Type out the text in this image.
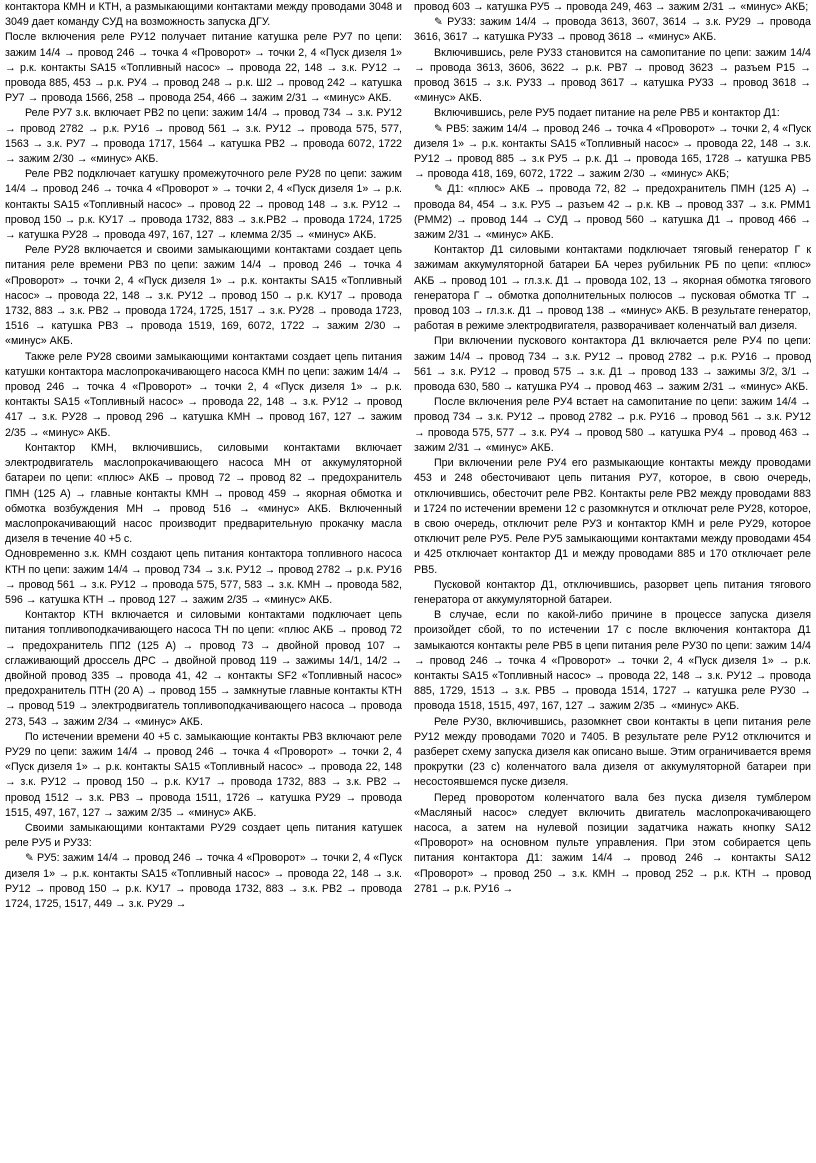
контактора КМН и КТН, а размыкающими контактами между проводами 3048 и 3049 дает команду СУД на возможность запуска ДГУ.

После включения реле РУ12 получает питание катушка реле РУ7 по цепи: зажим 14/4 → провод 246 → точка 4 «Проворот» → точки 2, 4 «Пуск дизеля 1» → р.к. контакты SA15 «Топливный насос» → провода 22, 148 → з.к. РУ12 → провода 885, 453 → р.к. РУ4 → провод 248 → р.к. Ш2 → провод 242 → катушка РУ7 → провода 1566, 258 → провода 254, 466 → зажим 2/31 → «минус» АКБ.

Реле РУ7 з.к. включает РВ2 по цепи: зажим 14/4 → провод 734 → з.к. РУ12 → провод 2782 → р.к. РУ16 → провод 561 → з.к. РУ12 → провода 575, 577, 1563 → з.к. РУ7 → провода 1717, 1564 → катушка РВ2 → провода 6072, 1722 → зажим 2/30 → «минус» АКБ.

Реле РВ2 подключает катушку промежуточного реле РУ28 по цепи: зажим 14/4 → провод 246 → точка 4 «Проворот » → точки 2, 4 «Пуск дизеля 1» → р.к. контакты SA15 «Топливный насос» → провод 22 → провод 148 → з.к. РУ12 → провод 150 → р.к. КУ17 → провода 1732, 883 → з.к.РВ2 → провода 1724, 1725 → катушка РУ28 → провода 497, 167, 127 → клемма 2/35 → «минус» АКБ.

Реле РУ28 включается и своими замыкающими контактами создает цепь питания реле времени РВ3 по цепи: зажим 14/4 → провод 246 → точка 4 «Проворот» → точки 2, 4 «Пуск дизеля 1» → р.к. контакты SA15 «Топливный насос» → провода 22, 148 → з.к. РУ12 → провод 150 → р.к. КУ17 → провода 1732, 883 → з.к. РВ2 → провода 1724, 1725, 1517 → з.к. РУ28 → провода 1723, 1516 → катушка РВ3 → провода 1519, 169, 6072, 1722 → зажим 2/30 → «минус» АКБ.

Также реле РУ28 своими замыкающими контактами создает цепь питания катушки контактора маслопрокачивающего насоса КМН по цепи: зажим 14/4 → провод 246 → точка 4 «Проворот» → точки 2, 4 «Пуск дизеля 1» → р.к. контакты SA15 «Топливный насос» → провода 22, 148 → з.к. РУ12 → провод 417 → з.к. РУ28 → провод 296 → катушка КМН → провод 167, 127 → зажим 2/35 → «минус» АКБ.

Контактор КМН, включившись, силовыми контактами включает электродвигатель маслопрокачивающего насоса МН от аккумуляторной батареи по цепи: «плюс» АКБ → провод 72 → провод 82 → предохранитель ПМН (125 А) → главные контакты КМН → провод 459 → якорная обмотка и обмотка возбуждения МН → провод 516 → «минус» АКБ. Включенный маслопрокачивающий насос производит предварительную прокачку масла дизеля в течение 40 +5 с.

Одновременно з.к. КМН создают цепь питания контактора топливного насоса КТН по цепи: зажим 14/4 → провод 734 → з.к. РУ12 → провод 2782 → р.к. РУ16 → провод 561 → з.к. РУ12 → провода 575, 577, 583 → з.к. КМН → провода 582, 596 → катушка КТН → провод 127 → зажим 2/35 → «минус» АКБ.

Контактор КТН включается и силовыми контактами подключает цепь питания топливоподкачивающего насоса ТН по цепи: «плюс АКБ → провод 72 → предохранитель ПП2 (125 А) → провод 73 → двойной провод 107 → сглаживающий дроссель ДРС → двойной провод 119 → зажимы 14/1, 14/2 → двойной провод 335 → провода 41, 42 → контакты SF2 «Топливный насос» предохранитель ПТН (20 А) → провод 155 → замкнутые главные контакты КТН → провод 519 → электродвигатель топливоподкачивающего насоса → провода 273, 543 → зажим 2/34 → «минус» АКБ.

По истечении времени 40 +5 с. замыкающие контакты РВ3 включают реле РУ29 по цепи: зажим 14/4 → провод 246 → точка 4 «Проворот» → точки 2, 4 «Пуск дизеля 1» → р.к. контакты SA15 «Топливный насос» → провода 22, 148 → з.к. РУ12 → провод 150 → р.к. КУ17 → провода 1732, 883 → з.к. РВ2 → провод 1512 → з.к. РВ3 → провода 1511, 1726 → катушка РУ29 → провода 1515, 497, 167, 127 → зажим 2/35 → «минус» АКБ.

Своими замыкающими контактами РУ29 создает цепь питания катушек реле РУ5 и РУ33:

✎ РУ5: зажим 14/4 → провод 246 → точка 4 «Проворот» → точки 2, 4 «Пуск дизеля 1» → р.к. контакты SA15 «Топливный насос» → провода 22, 148 → з.к. РУ12 → провод 150 → р.к. КУ17 → провода 1732, 883 → з.к. РВ2 → провода 1724, 1725, 1517, 449 → з.к. РУ29 →

провод 603 → катушка РУ5 → провода 249, 463 → зажим 2/31 → «минус» АКБ;

✎ РУ33: зажим 14/4 → провода 3613, 3607, 3614 → з.к. РУ29 → провода 3616, 3617 → катушка РУ33 → провод 3618 → «минус» АКБ.

Включившись, реле РУ33 становится на самопитание по цепи: зажим 14/4 → провода 3613, 3606, 3622 → р.к. РВ7 → провод 3623 → разъем Р15 → провод 3615 → з.к. РУ33 → провод 3617 → катушка РУ33 → провод 3618 → «минус» АКБ.

Включившись, реле РУ5 подает питание на реле РВ5 и контактор Д1:

✎ РВ5: зажим 14/4 → провод 246 → точка 4 «Проворот» → точки 2, 4 «Пуск дизеля 1» → р.к. контакты SA15 «Топливный насос» → провода 22, 148 → з.к. РУ12 → провод 885 → з.к РУ5 → р.к. Д1 → провода 165, 1728 → катушка РВ5 → провода 418, 169, 6072, 1722 → зажим 2/30 → «минус» АКБ;

✎ Д1: «плюс» АКБ → провода 72, 82 → предохранитель ПМН (125 А) → провода 84, 454 → з.к. РУ5 → разъем 42 → р.к. КВ → провод 337 → з.к. РММ1 (РММ2) → провод 144 → СУД → провод 560 → катушка Д1 → провод 466 → зажим 2/31 → «минус» АКБ.

Контактор Д1 силовыми контактами подключает тяговый генератор Г к зажимам аккумуляторной батареи БА через рубильник РБ по цепи: «плюс» АКБ → провод 101 → гл.з.к. Д1 → провода 102, 13 → якорная обмотка тягового генератора Г → обмотка дополнительных полюсов → пусковая обмотка ТГ → провод 103 → гл.з.к. Д1 → провод 138 → «минус» АКБ. В результате генератор, работая в режиме электродвигателя, разворачивает коленчатый вал дизеля.

При включении пускового контактора Д1 включается реле РУ4 по цепи: зажим 14/4 → провод 734 → з.к. РУ12 → провод 2782 → р.к. РУ16 → провод 561 → з.к. РУ12 → провод 575 → з.к. Д1 → провод 133 → зажимы 3/2, 3/1 → провода 630, 580 → катушка РУ4 → провод 463 → зажим 2/31 → «минус» АКБ.

После включения реле РУ4 встает на самопитание по цепи: зажим 14/4 → провод 734 → з.к. РУ12 → провод 2782 → р.к. РУ16 → провод 561 → з.к. РУ12 → провода 575, 577 → з.к. РУ4 → провод 580 → катушка РУ4 → провод 463 → зажим 2/31 → «минус» АКБ.

При включении реле РУ4 его размыкающие контакты между проводами 453 и 248 обесточивают цепь питания РУ7, которое, в свою очередь, отключившись, обесточит реле РВ2. Контакты реле РВ2 между проводами 883 и 1724 по истечении времени 12 с разомкнутся и отключат реле РУ28, которое, в свою очередь, отключит реле РУ3 и контактор КМН и реле РУ29, которое отключит реле РУ5. Реле РУ5 замыкающими контактами между проводами 454 и 425 отключает контактор Д1 и между проводами 885 и 170 отключает реле РВ5.

Пусковой контактор Д1, отключившись, разорвет цепь питания тягового генератора от аккумуляторной батареи.

В случае, если по какой-либо причине в процессе запуска дизеля произойдет сбой, то по истечении 17 с после включения контактора Д1 замыкаются контакты реле РВ5 в цепи питания реле РУ30 по цепи: зажим 14/4 → провод 246 → точка 4 «Проворот» → точки 2, 4 «Пуск дизеля 1» → р.к. контакты SA15 «Топливный насос» → провода 22, 148 → з.к. РУ12 → провода 885, 1729, 1513 → з.к. РВ5 → провода 1514, 1727 → катушка реле РУ30 → провода 1518, 1515, 497, 167, 127 → зажим 2/35 → «минус» АКБ.

Реле РУ30, включившись, разомкнет свои контакты в цепи питания реле РУ12 между проводами 7020 и 7405. В результате реле РУ12 отключится и разберет схему запуска дизеля как описано выше. Этим ограничивается время прокрутки (23 с) коленчатого вала дизеля от аккумуляторной батареи при несостоявшемся пуске дизеля.

Перед проворотом коленчатого вала без пуска дизеля тумблером «Масляный насос» следует включить двигатель маслопрокачивающего насоса, а затем на нулевой позиции задатчика нажать кнопку SA12 «Проворот» на основном пульте управления. При этом собирается цепь питания контактора Д1: зажим 14/4 → провод 246 → контакты SA12 «Проворот» → провод 250 → з.к. КМН → провод 252 → р.к. КТН → провод 2781 → р.к. РУ16 →
